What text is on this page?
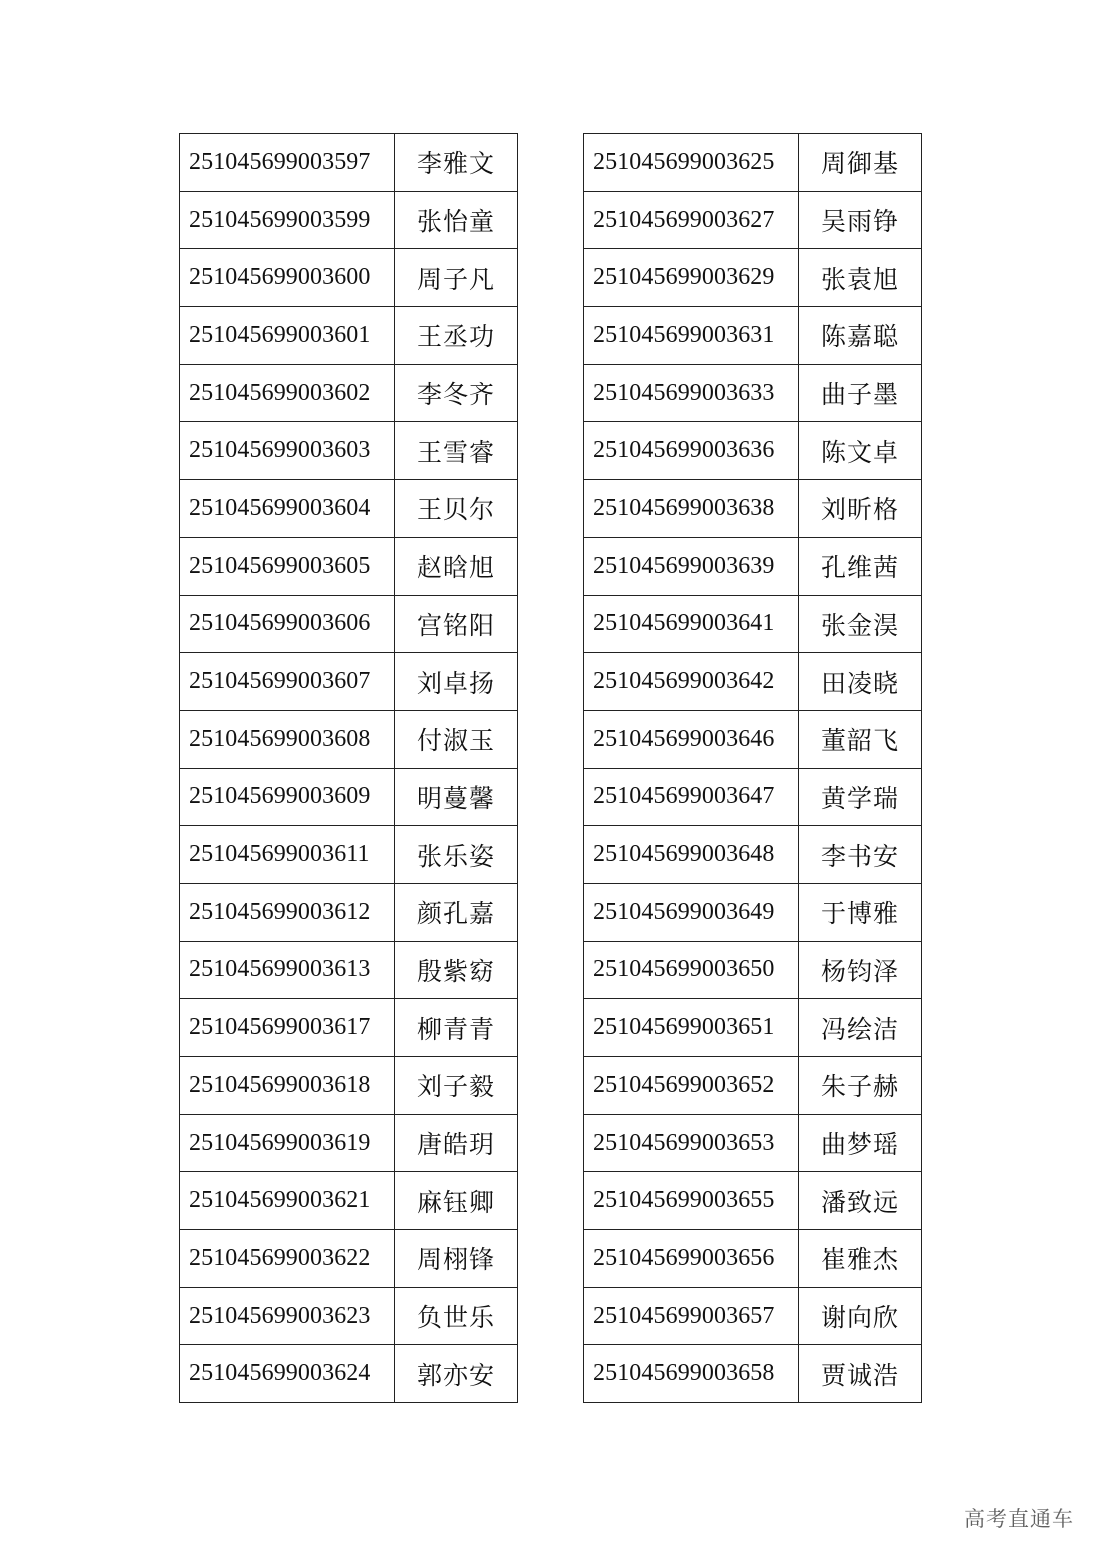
251045699003597	李雅文
251045699003599	张怡童
251045699003600	周子凡
251045699003601	王丞功
251045699003602	李冬齐
251045699003603	王雪睿
251045699003604	王贝尔
251045699003605	赵晗旭
251045699003606	宫铭阳
251045699003607	刘卓扬
251045699003608	付淑玉
251045699003609	明蔓馨
251045699003611	张乐姿
251045699003612	颜孔嘉
251045699003613	殷紫窈
251045699003617	柳青青
251045699003618	刘子毅
251045699003619	唐皓玥
251045699003621	麻钰卿
251045699003622	周栩锋
251045699003623	负世乐
251045699003624	郭亦安
251045699003625	周御基
251045699003627	吴雨铮
251045699003629	张袁旭
251045699003631	陈嘉聪
251045699003633	曲子墨
251045699003636	陈文卓
251045699003638	刘昕格
251045699003639	孔维茜
251045699003641	张金淏
251045699003642	田凌晓
251045699003646	董韶飞
251045699003647	黄学瑞
251045699003648	李书安
251045699003649	于博雅
251045699003650	杨钧泽
251045699003651	冯绘洁
251045699003652	朱子赫
251045699003653	曲梦瑶
251045699003655	潘致远
251045699003656	崔雅杰
251045699003657	谢向欣
251045699003658	贾诚浩
高考直通车
